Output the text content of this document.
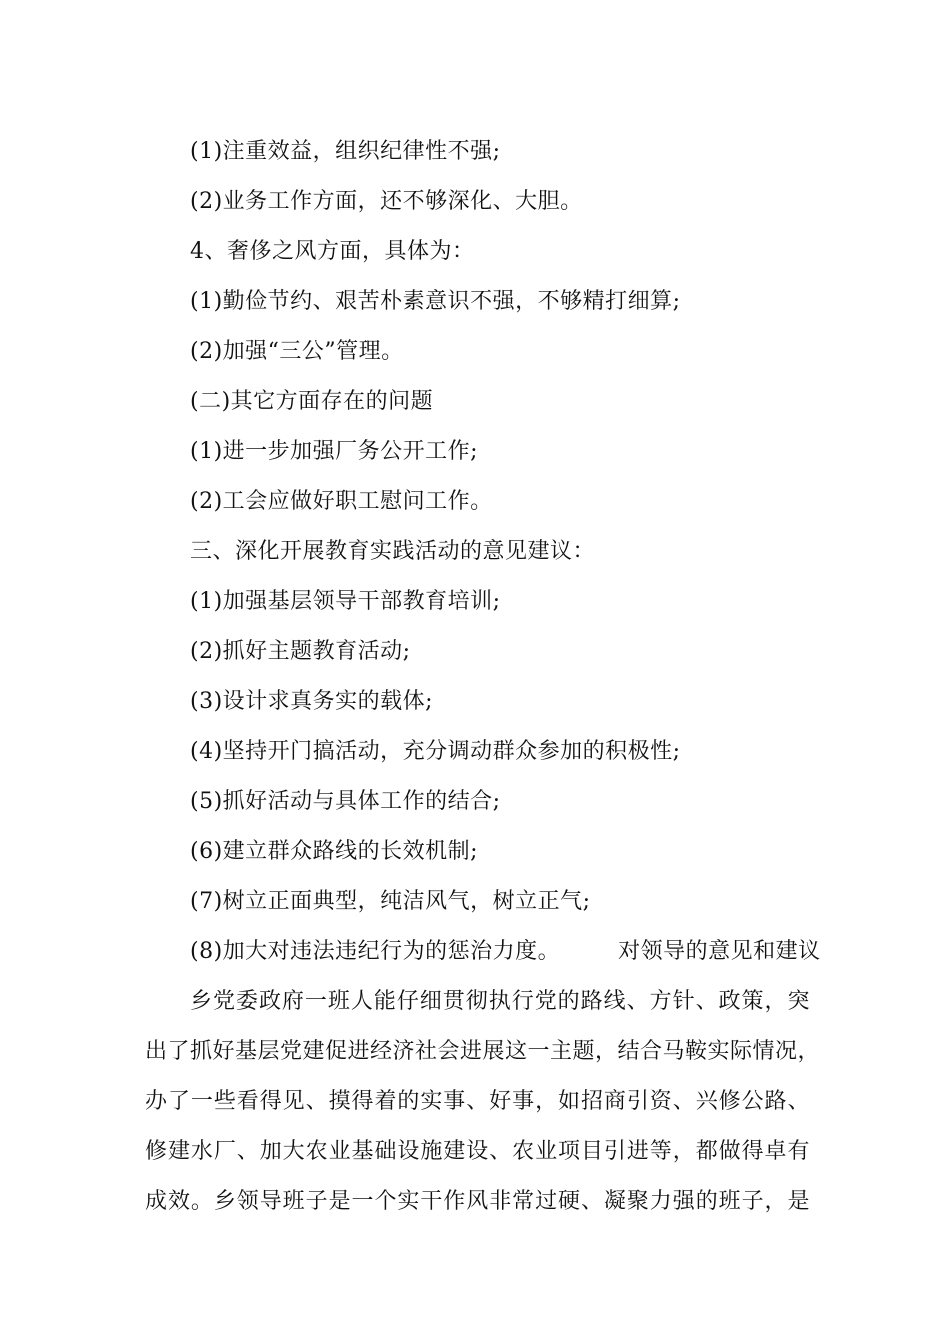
(1)注重效益，组织纪律性不强;
(2)业务工作方面，还不够深化、大胆。
4、奢侈之风方面，具体为：
(1)勤俭节约、艰苦朴素意识不强，不够精打细算;
(2)加强“三公”管理。
(二)其它方面存在的问题
(1)进一步加强厂务公开工作;
(2)工会应做好职工慰问工作。
三、深化开展教育实践活动的意见建议：
(1)加强基层领导干部教育培训;
(2)抓好主题教育活动;
(3)设计求真务实的载体;
(4)坚持开门搞活动，充分调动群众参加的积极性;
(5)抓好活动与具体工作的结合;
(6)建立群众路线的长效机制;
(7)树立正面典型，纯洁风气，树立正气;
(8)加大对违法违纪行为的惩治力度。	对领导的意见和建议
乡党委政府一班人能仔细贯彻执行党的路线、方针、政策，突
出了抓好基层党建促进经济社会进展这一主题，结合马鞍实际情况，
办了一些看得见、摸得着的实事、好事，如招商引资、兴修公路、
修建水厂、加大农业基础设施建设、农业项目引进等，都做得卓有
成效。乡领导班子是一个实干作风非常过硬、凝聚力强的班子，是
